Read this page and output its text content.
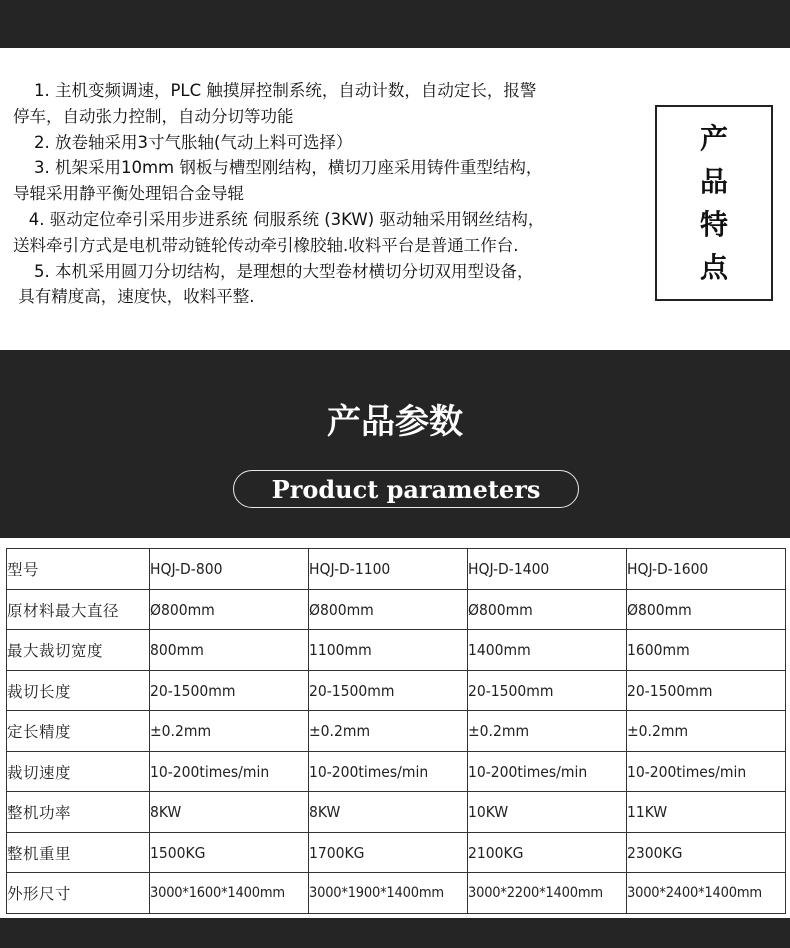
1. 主机变频调速，PLC 触摸屏控制系统，自动计数，自动定长，报警

停车，自动张力控制，自动分切等功能

2. 放卷轴采用3寸气胀轴(气动上料可选择）

3. 机架采用10mm 钢板与槽型刚结构，横切刀座采用铸件重型结构，

导辊采用静平衡处理铝合金导辊

4. 驱动定位牵引采用步进系统 伺服系统 (3KW) 驱动轴采用钢丝结构，

送料牵引方式是电机带动链轮传动牵引橡胶轴.收料平台是普通工作台.

5. 本机采用圆刀分切结构，是理想的大型卷材横切分切双用型设备，

具有精度高，速度快，收料平整.

产
品
特
点
产品参数
Product parameters
型号	HQJ-D-800	HQJ-D-1100	HQJ-D-1400	HQJ-D-1600
原材料最大直径	Ø800mm	Ø800mm	Ø800mm	Ø800mm
最大裁切宽度	800mm	1100mm	1400mm	1600mm
裁切长度	20-1500mm	20-1500mm	20-1500mm	20-1500mm
定长精度	±0.2mm	±0.2mm	±0.2mm	±0.2mm
裁切速度	10-200times/min	10-200times/min	10-200times/min	10-200times/min
整机功率	8KW	8KW	10KW	11KW
整机重里	1500KG	1700KG	2100KG	2300KG
外形尺寸	3000*1600*1400mm	3000*1900*1400mm	3000*2200*1400mm	3000*2400*1400mm
